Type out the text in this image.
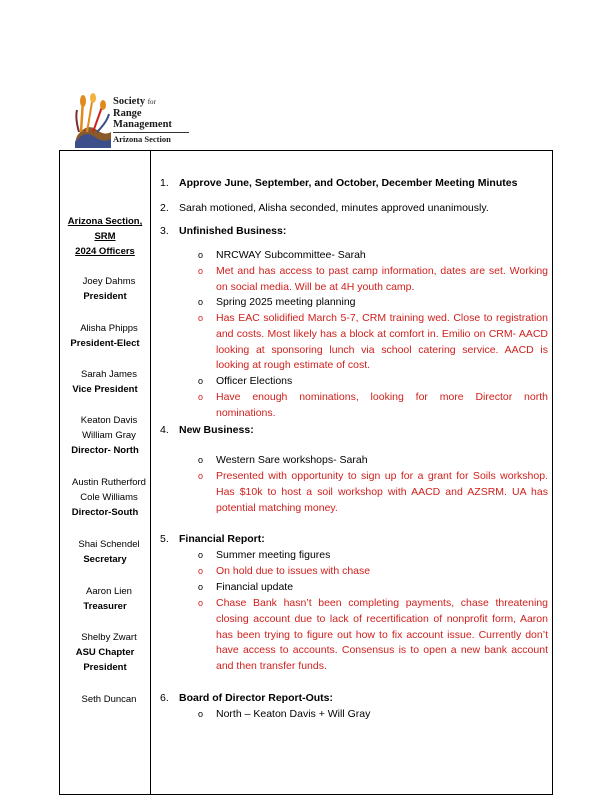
Society for
Range
Management
Arizona Section
Arizona Section,
SRM
2024 Officers
Joey Dahms
President
Alisha Phipps
President-Elect
Sarah James
Vice President
Keaton Davis
William Gray
Director- North
Austin Rutherford
Cole Williams
Director-South
Shai Schendel
Secretary
Aaron Lien
Treasurer
Shelby Zwart
ASU Chapter
President
Seth Duncan
1. Approve June, September, and October, December Meeting Minutes
2. Sarah motioned, Alisha seconded, minutes approved unanimously.
3. Unfinished Business:
o	NRCWAY Subcommittee- Sarah
o	Met and has access to past camp information, dates are set. Working on social media. Will be at 4H youth camp.
o	Spring 2025 meeting planning
o	Has EAC solidified March 5-7, CRM training wed. Close to registration and costs. Most likely has a block at comfort in. Emilio on CRM- AACD looking at sponsoring lunch via school catering service. AACD is looking at rough estimate of cost.
o	Officer Elections
o	Have enough nominations, looking for more Director north nominations.
4. New Business:
o	Western Sare workshops- Sarah
o	Presented with opportunity to sign up for a grant for Soils workshop. Has $10k to host a soil workshop with AACD and AZSRM. UA has potential matching money.
5. Financial Report:
o	Summer meeting figures
o	On hold due to issues with chase
o	Financial update
o	Chase Bank hasn’t been completing payments, chase threatening closing account due to lack of recertification of nonprofit form, Aaron has been trying to figure out how to fix account issue. Currently don’t have access to accounts. Consensus is to open a new bank account and then transfer funds.
6. Board of Director Report-Outs:
o	North – Keaton Davis + Will Gray
